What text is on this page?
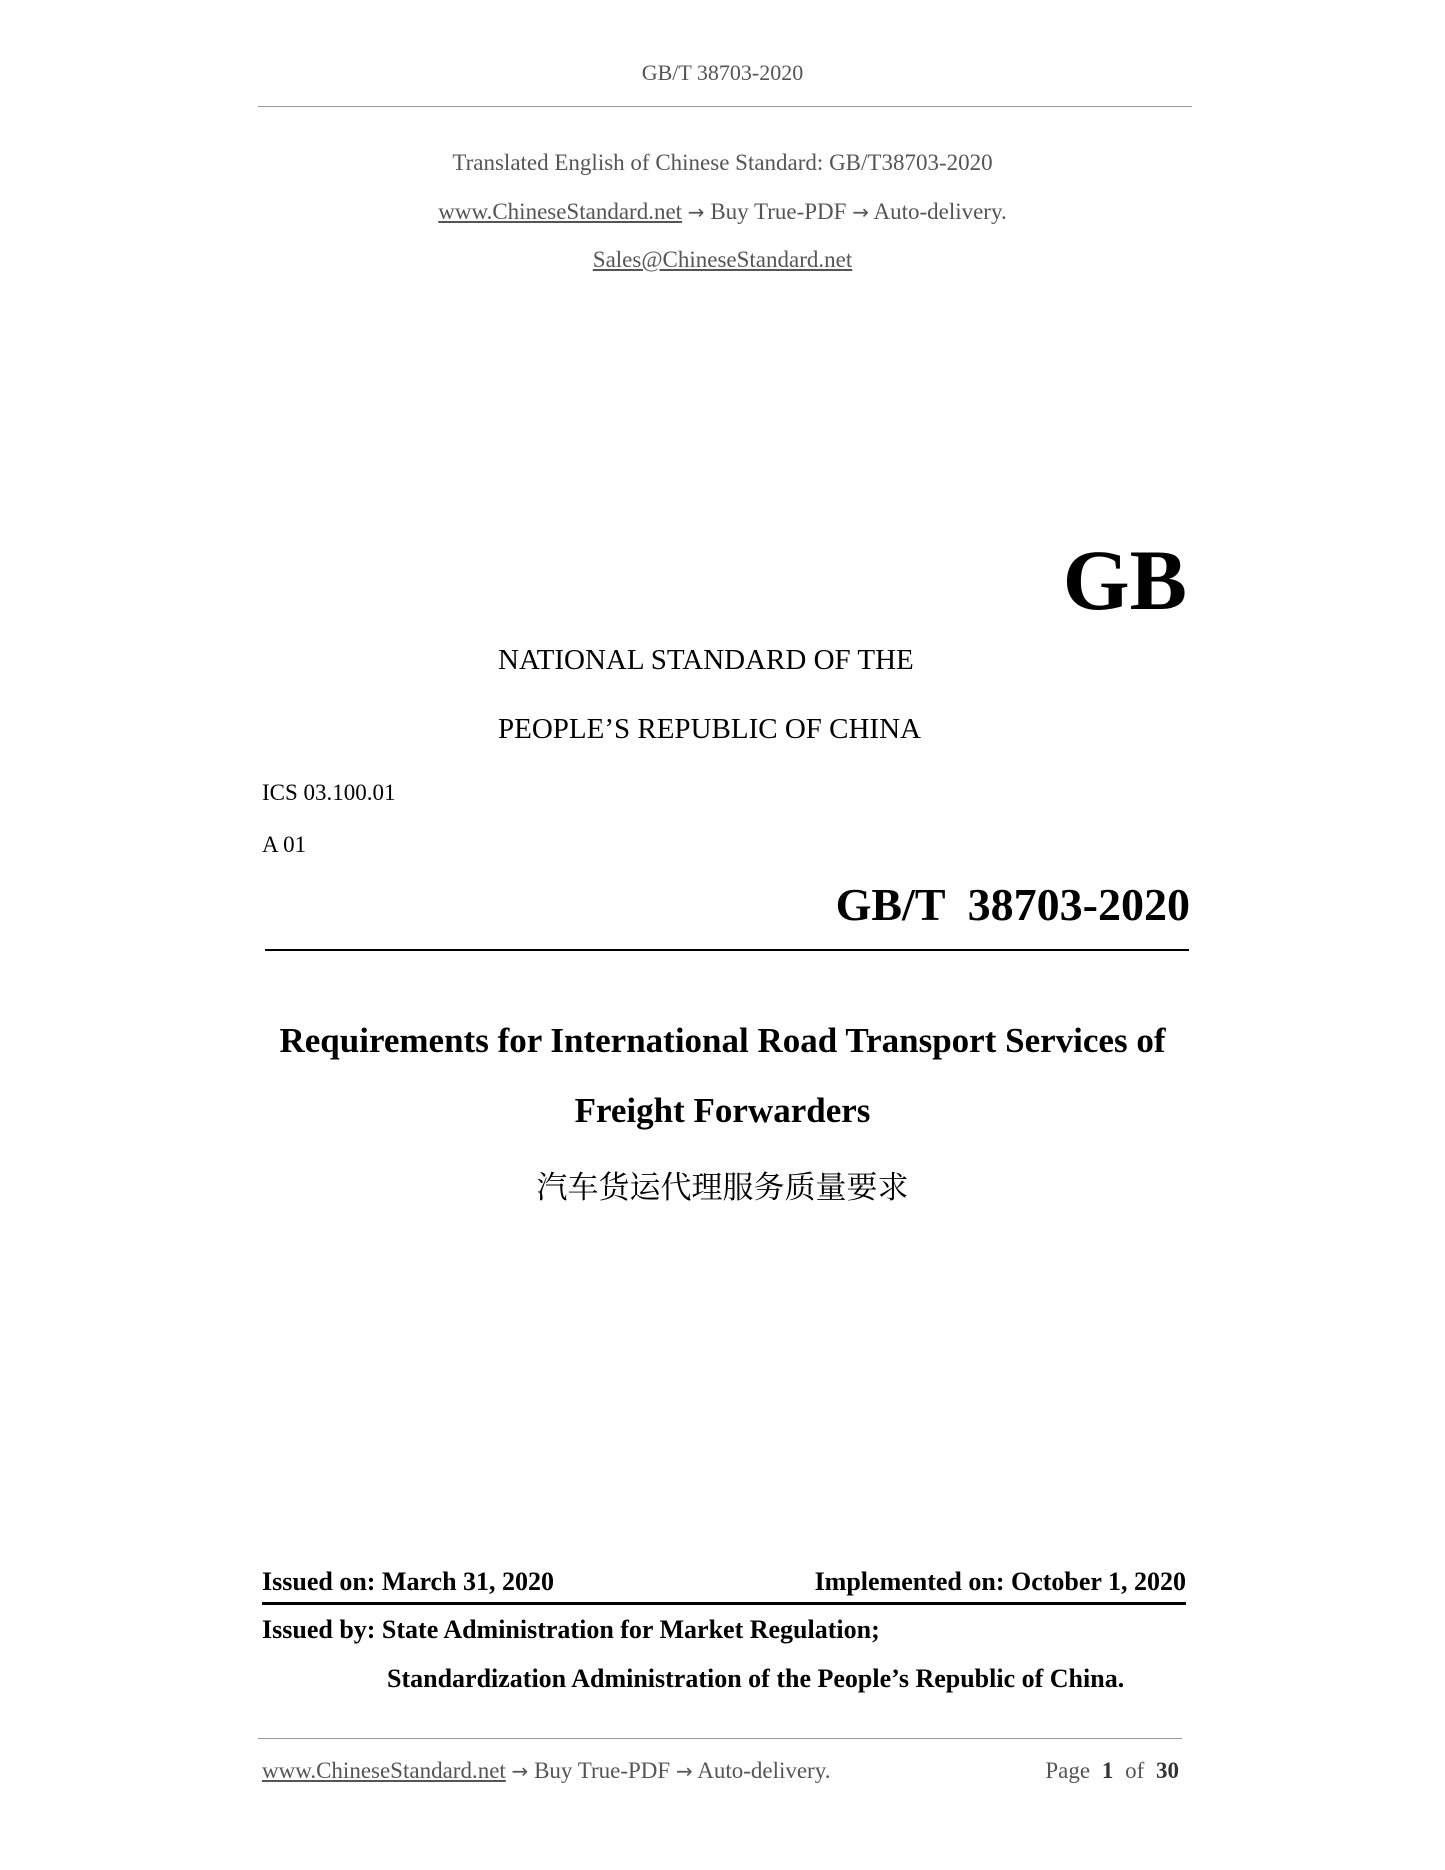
GB/T 38703-2020
Translated English of Chinese Standard: GB/T38703-2020
www.ChineseStandard.net → Buy True-PDF → Auto-delivery.
Sales@ChineseStandard.net
GB
NATIONAL STANDARD OF THE
PEOPLE’S REPUBLIC OF CHINA
ICS 03.100.01
A 01
GB/T  38703-2020
Requirements for International Road Transport Services of
Freight Forwarders
汽车货运代理服务质量要求
Issued on: March 31, 2020	Implemented on: October 1, 2020
Issued by: State Administration for Market Regulation;
Standardization Administration of the People’s Republic of China.
www.ChineseStandard.net → Buy True-PDF → Auto-delivery.	Page 1 of 30
